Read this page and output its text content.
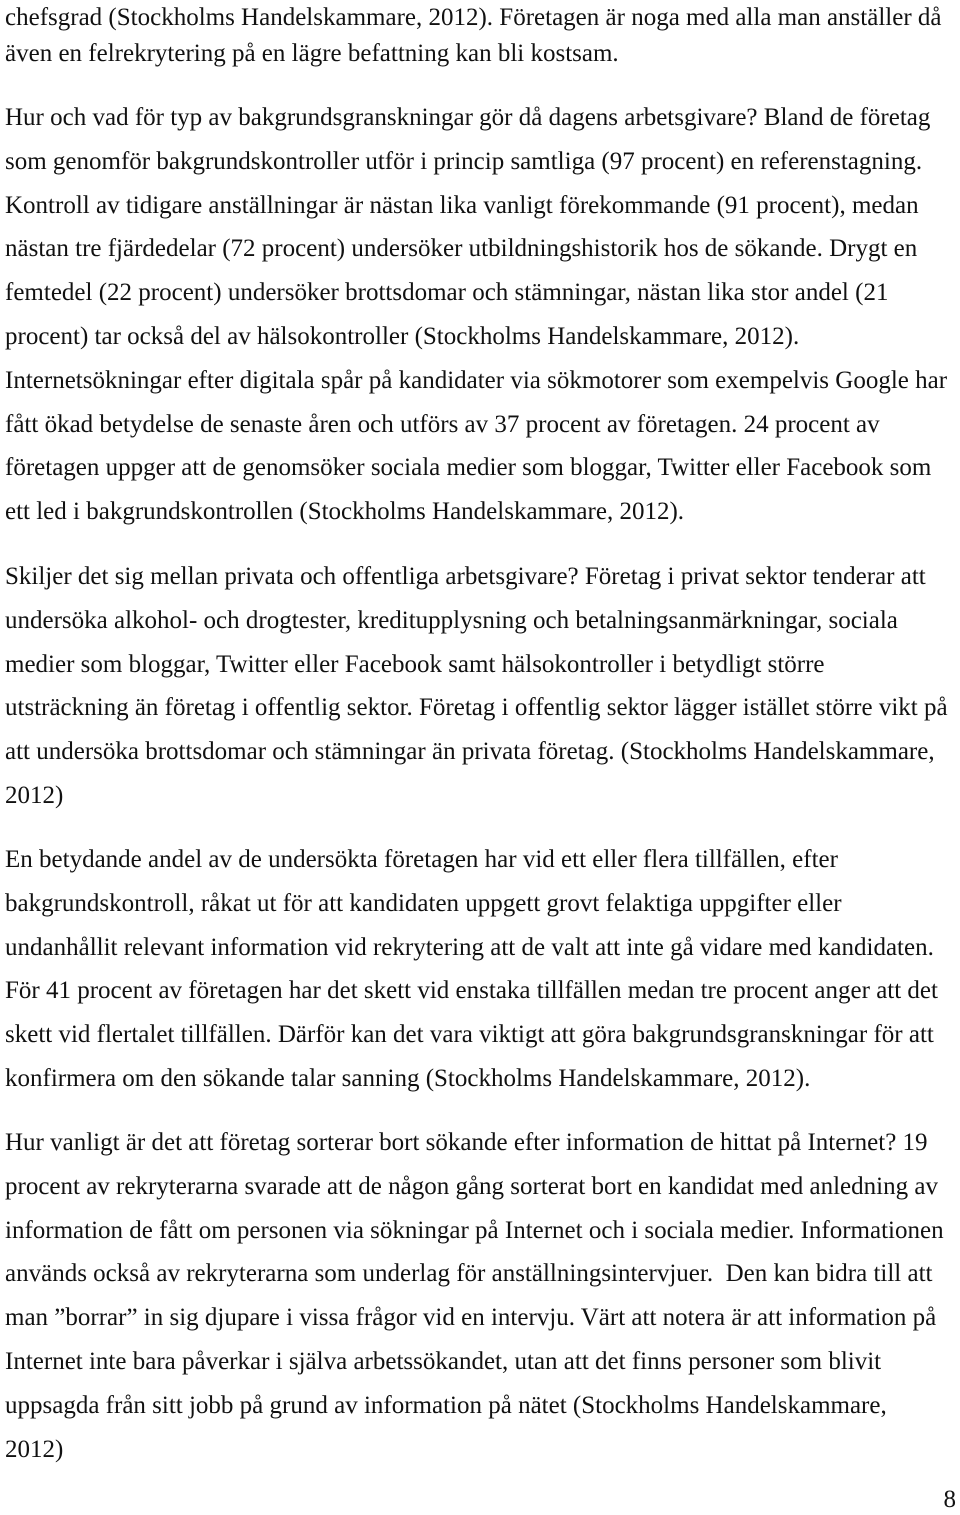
chefsgrad (Stockholms Handelskammare, 2012). Företagen är noga med alla man anställer då
även en felrekrytering på en lägre befattning kan bli kostsam.
Hur och vad för typ av bakgrundsgranskningar gör då dagens arbetsgivare? Bland de företag
som genomför bakgrundskontroller utför i princip samtliga (97 procent) en referenstagning.
Kontroll av tidigare anställningar är nästan lika vanligt förekommande (91 procent), medan
nästan tre fjärdedelar (72 procent) undersöker utbildningshistorik hos de sökande. Drygt en
femtedel (22 procent) undersöker brottsdomar och stämningar, nästan lika stor andel (21
procent) tar också del av hälsokontroller (Stockholms Handelskammare, 2012).
Internetsökningar efter digitala spår på kandidater via sökmotorer som exempelvis Google har
fått ökad betydelse de senaste åren och utförs av 37 procent av företagen. 24 procent av
företagen uppger att de genomsöker sociala medier som bloggar, Twitter eller Facebook som
ett led i bakgrundskontrollen (Stockholms Handelskammare, 2012).
Skiljer det sig mellan privata och offentliga arbetsgivare? Företag i privat sektor tenderar att
undersöka alkohol- och drogtester, kreditupplysning och betalningsanmärkningar, sociala
medier som bloggar, Twitter eller Facebook samt hälsokontroller i betydligt större
utsträckning än företag i offentlig sektor. Företag i offentlig sektor lägger istället större vikt på
att undersöka brottsdomar och stämningar än privata företag. (Stockholms Handelskammare,
2012)
En betydande andel av de undersökta företagen har vid ett eller flera tillfällen, efter
bakgrundskontroll, råkat ut för att kandidaten uppgett grovt felaktiga uppgifter eller
undanhållit relevant information vid rekrytering att de valt att inte gå vidare med kandidaten.
För 41 procent av företagen har det skett vid enstaka tillfällen medan tre procent anger att det
skett vid flertalet tillfällen. Därför kan det vara viktigt att göra bakgrundsgranskningar för att
konfirmera om den sökande talar sanning (Stockholms Handelskammare, 2012).
Hur vanligt är det att företag sorterar bort sökande efter information de hittat på Internet? 19
procent av rekryterarna svarade att de någon gång sorterat bort en kandidat med anledning av
information de fått om personen via sökningar på Internet och i sociala medier. Informationen
används också av rekryterarna som underlag för anställningsintervjuer.  Den kan bidra till att
man ”borrar” in sig djupare i vissa frågor vid en intervju. Värt att notera är att information på
Internet inte bara påverkar i själva arbetssökandet, utan att det finns personer som blivit
uppsagda från sitt jobb på grund av information på nätet (Stockholms Handelskammare,
2012)
8
